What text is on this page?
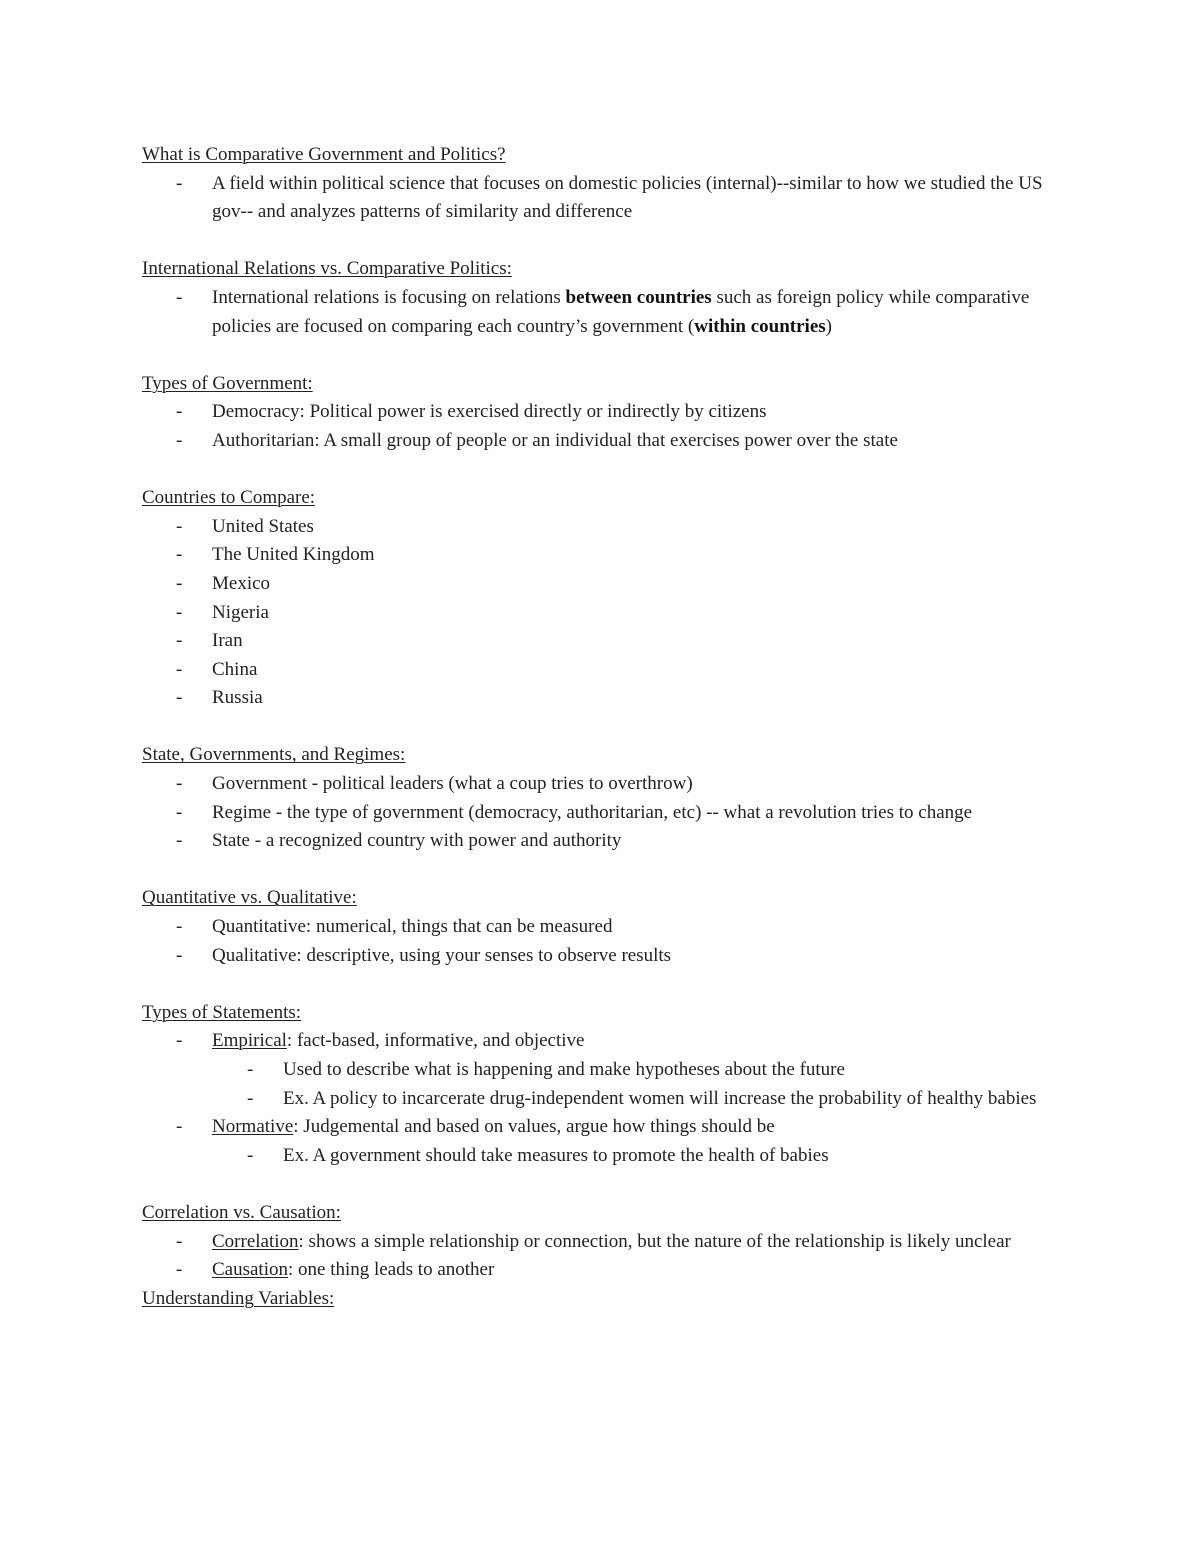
What is Comparative Government and Politics?

- A field within political science that focuses on domestic policies (internal)--similar to how we studied the US gov-- and analyzes patterns of similarity and difference

International Relations vs. Comparative Politics:

- International relations is focusing on relations between countries such as foreign policy while comparative policies are focused on comparing each country’s government (within countries)

Types of Government:

- Democracy: Political power is exercised directly or indirectly by citizens
- Authoritarian: A small group of people or an individual that exercises power over the state

Countries to Compare:

- United States
- The United Kingdom
- Mexico
- Nigeria
- Iran
- China
- Russia

State, Governments, and Regimes:

- Government - political leaders (what a coup tries to overthrow)
- Regime - the type of government (democracy, authoritarian, etc) -- what a revolution tries to change
- State - a recognized country with power and authority

Quantitative vs. Qualitative:

- Quantitative: numerical, things that can be measured
- Qualitative: descriptive, using your senses to observe results

Types of Statements:

- Empirical: fact-based, informative, and objective
- Used to describe what is happening and make hypotheses about the future
- Ex. A policy to incarcerate drug-independent women will increase the probability of healthy babies
- Normative: Judgemental and based on values, argue how things should be
- Ex. A government should take measures to promote the health of babies

Correlation vs. Causation:

- Correlation: shows a simple relationship or connection, but the nature of the relationship is likely unclear
- Causation: one thing leads to another

Understanding Variables:
